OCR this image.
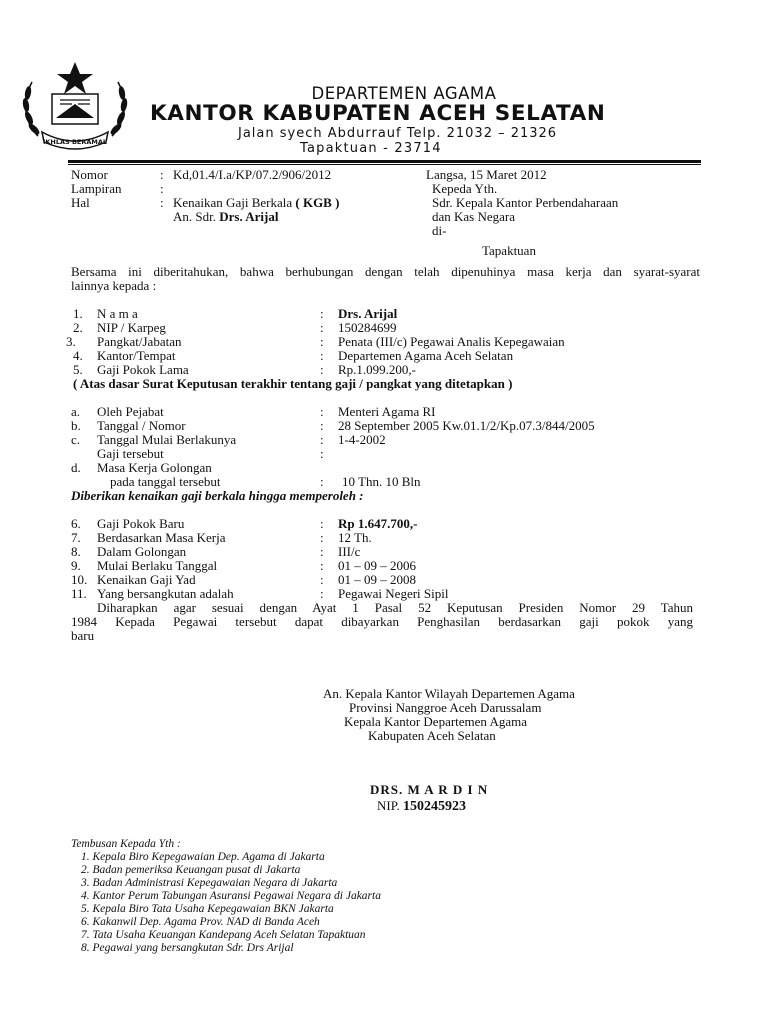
IKHLAS BERAMAL
DEPARTEMEN AGAMA
KANTOR KABUPATEN ACEH SELATAN
Jalan syech Abdurrauf Telp. 21032 – 21326
Tapaktuan - 23714
Nomor	: Kd,01.4/I.a/KP/07.2/906/2012
Lampiran	:
Hal	: Kenaikan Gaji Berkala ( KGB )
An. Sdr. Drs. Arijal
Langsa, 15 Maret 2012
Kepeda Yth.
Sdr. Kepala Kantor Perbendaharaan
dan Kas Negara
di-
Tapaktuan
Bersama ini diberitahukan, bahwa berhubungan dengan telah dipenuhinya masa kerja dan syarat-syarat
lainnya kepada :
1. N a m a	: Drs. Arijal
2. NIP / Karpeg	: 150284699
3. Pangkat/Jabatan	: Penata (III/c) Pegawai Analis Kepegawaian
4. Kantor/Tempat	: Departemen Agama Aceh Selatan
5. Gaji Pokok Lama	: Rp.1.099.200,-
( Atas dasar Surat Keputusan terakhir tentang gaji / pangkat yang ditetapkan )
a. Oleh Pejabat	: Menteri Agama RI
b. Tanggal / Nomor	: 28 September 2005 Kw.01.1/2/Kp.07.3/844/2005
c. Tanggal Mulai Berlakunya	: 1-4-2002
Gaji tersebut	:
d. Masa Kerja Golongan
pada tanggal tersebut	: 10 Thn. 10 Bln
Diberikan kenaikan gaji berkala hingga memperoleh :
6. Gaji Pokok Baru	: Rp 1.647.700,-
7. Berdasarkan Masa Kerja	: 12 Th.
8. Dalam Golongan	: III/c
9. Mulai Berlaku Tanggal	: 01 – 09 – 2006
10. Kenaikan Gaji Yad	: 01 – 09 – 2008
11. Yang bersangkutan adalah	: Pegawai Negeri Sipil
Diharapkan agar sesuai dengan Ayat 1 Pasal 52 Keputusan Presiden Nomor 29 Tahun
1984 Kepada Pegawai tersebut dapat dibayarkan Penghasilan berdasarkan gaji pokok yang
baru
An. Kepala Kantor Wilayah Departemen Agama
Provinsi Nanggroe Aceh Darussalam
Kepala Kantor Departemen Agama
Kabupaten Aceh Selatan
DRS. M A R D I N
NIP. 150245923
Tembusan Kepada Yth :
1. Kepala Biro Kepegawaian Dep. Agama di Jakarta
2. Badan pemeriksa Keuangan pusat di Jakarta
3. Badan Administrasi Kepegawaian Negara di Jakarta
4. Kantor Perum Tabungan Asuransi Pegawai Negara di Jakarta
5. Kepala Biro Tata Usaha Kepegawaian BKN Jakarta
6. Kakanwil Dep. Agama Prov. NAD di Banda Aceh
7. Tata Usaha Keuangan Kandepang Aceh Selatan Tapaktuan
8. Pegawai yang bersangkutan Sdr. Drs Arijal
